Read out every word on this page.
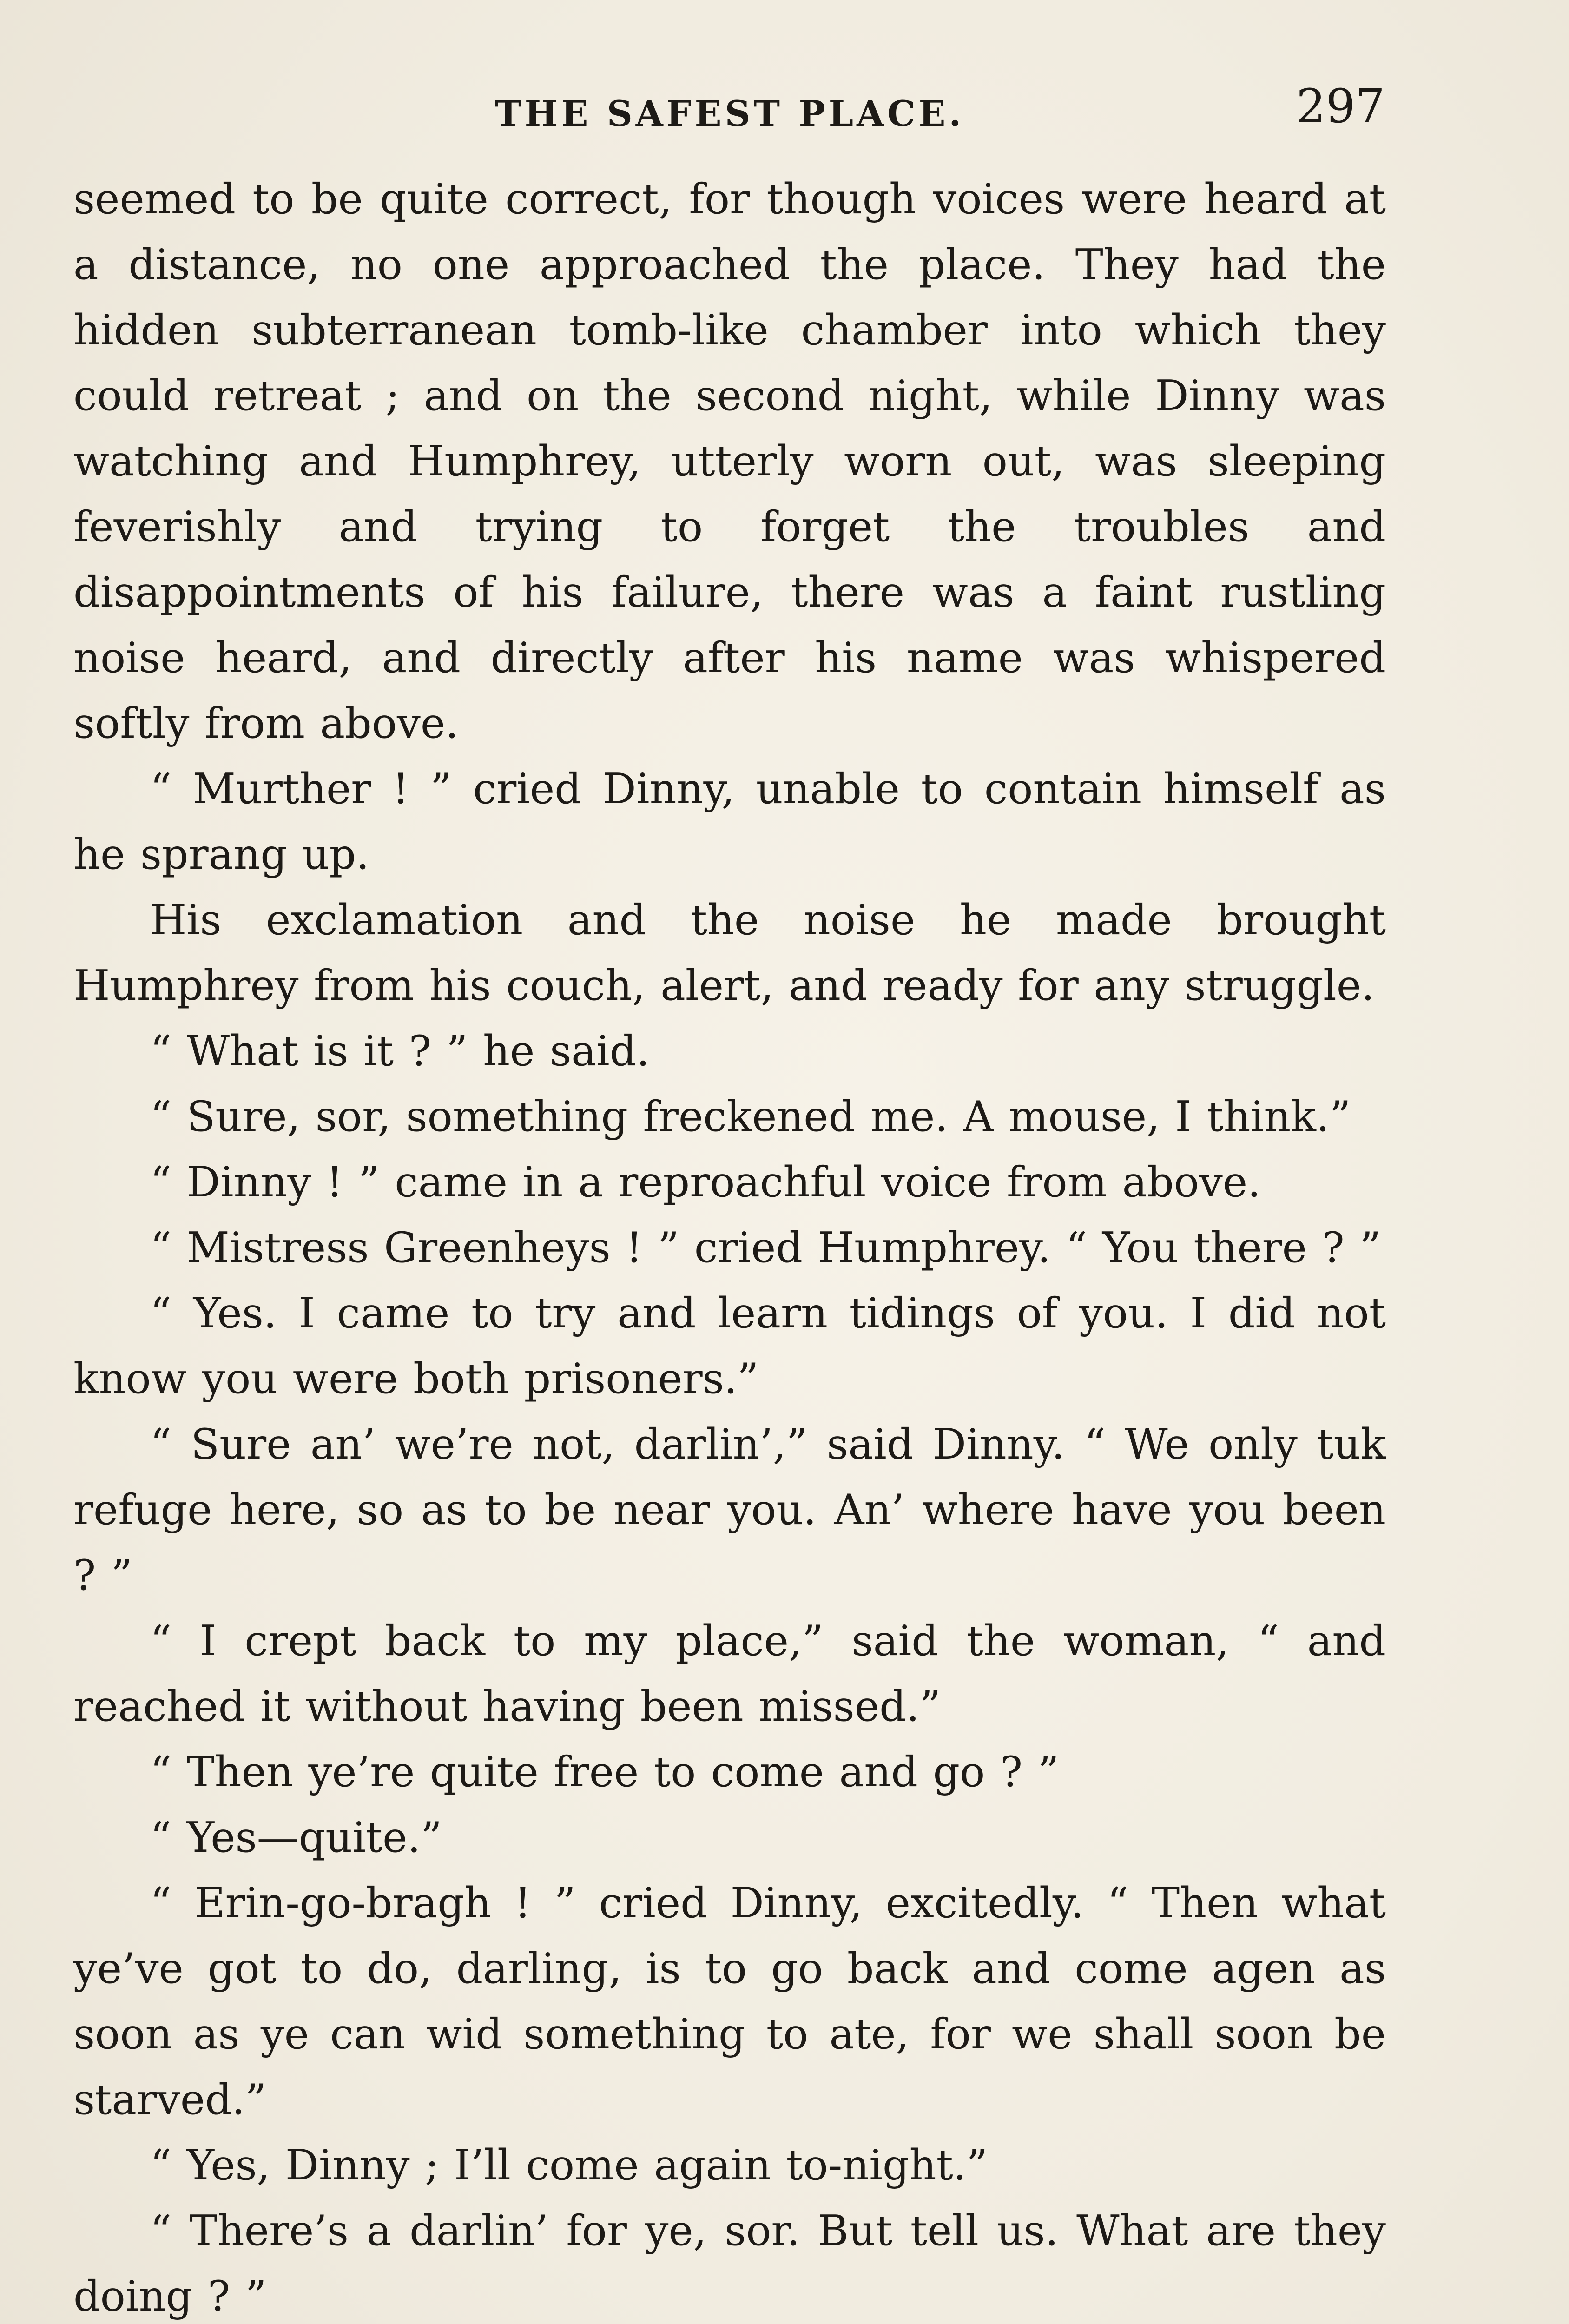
THE SAFEST PLACE.	297

seemed to be quite correct, for though voices were heard at a distance, no one approached the place. They had the hidden subterranean tomb-like chamber into which they could retreat ; and on the second night, while Dinny was watching and Humphrey, utterly worn out, was sleeping feverishly and trying to forget the troubles and disappointments of his failure, there was a faint rustling noise heard, and directly after his name was whispered softly from above.

“ Murther ! ” cried Dinny, unable to contain himself as he sprang up.

His exclamation and the noise he made brought Humphrey from his couch, alert, and ready for any struggle.

“ What is it ? ” he said.

“ Sure, sor, something freckened me. A mouse, I think.”

“ Dinny ! ” came in a reproachful voice from above.

“ Mistress Greenheys ! ” cried Humphrey. “ You there ? ”

“ Yes. I came to try and learn tidings of you. I did not know you were both prisoners.”

“ Sure an’ we’re not, darlin’,” said Dinny. “ We only tuk refuge here, so as to be near you. An’ where have you been ? ”

“ I crept back to my place,” said the woman, “ and reached it without having been missed.”

“ Then ye’re quite free to come and go ? ”

“ Yes—quite.”

“ Erin-go-bragh ! ” cried Dinny, excitedly. “ Then what ye’ve got to do, darling, is to go back and come agen as soon as ye can wid something to ate, for we shall soon be starved.”

“ Yes, Dinny ; I’ll come again to-night.”

“ There’s a darlin’ for ye, sor. But tell us. What are they doing ? ”
